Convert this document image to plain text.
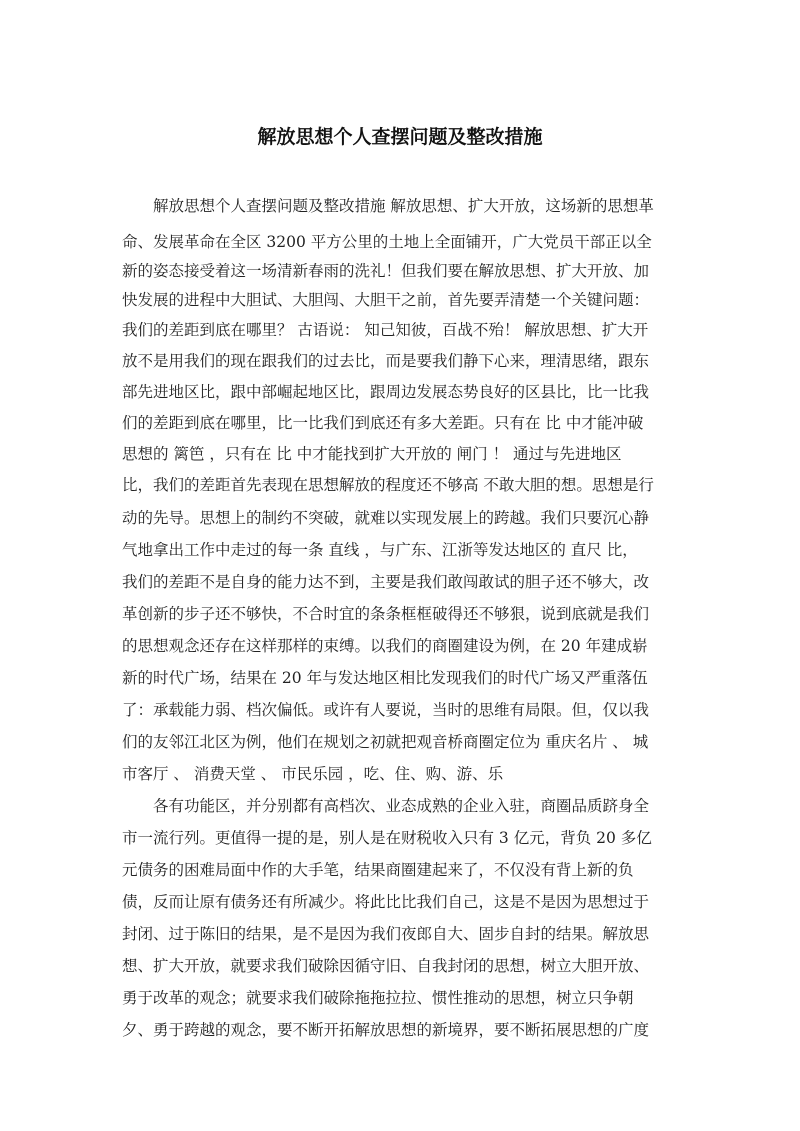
解放思想个人查摆问题及整改措施
解放思想个人查摆问题及整改措施 解放思想、扩大开放，这场新的思想革
命、发展革命在全区 3200 平方公里的土地上全面铺开，广大党员干部正以全
新的姿态接受着这一场清新春雨的洗礼！但我们要在解放思想、扩大开放、加
快发展的进程中大胆试、大胆闯、大胆干之前，首先要弄清楚一个关键问题：
我们的差距到底在哪里？ 古语说： 知己知彼，百战不殆！ 解放思想、扩大开
放不是用我们的现在跟我们的过去比，而是要我们静下心来，理清思绪，跟东
部先进地区比，跟中部崛起地区比，跟周边发展态势良好的区县比，比一比我
们的差距到底在哪里，比一比我们到底还有多大差距。只有在 比 中才能冲破
思想的 篱笆 ，只有在 比 中才能找到扩大开放的 闸门 ！ 通过与先进地区
比，我们的差距首先表现在思想解放的程度还不够高 不敢大胆的想。思想是行
动的先导。思想上的制约不突破，就难以实现发展上的跨越。我们只要沉心静
气地拿出工作中走过的每一条 直线 ，与广东、江浙等发达地区的 直尺 比，
我们的差距不是自身的能力达不到，主要是我们敢闯敢试的胆子还不够大，改
革创新的步子还不够快，不合时宜的条条框框破得还不够狠，说到底就是我们
的思想观念还存在这样那样的束缚。以我们的商圈建设为例，在 20 年建成崭
新的时代广场，结果在 20 年与发达地区相比发现我们的时代广场又严重落伍
了：承载能力弱、档次偏低。或许有人要说，当时的思维有局限。但，仅以我
们的友邻江北区为例，他们在规划之初就把观音桥商圈定位为 重庆名片 、 城
市客厅 、 消费天堂 、 市民乐园 ，吃、住、购、游、乐
各有功能区，并分别都有高档次、业态成熟的企业入驻，商圈品质跻身全
市一流行列。更值得一提的是，别人是在财税收入只有 3 亿元，背负 20 多亿
元债务的困难局面中作的大手笔，结果商圈建起来了，不仅没有背上新的负
债，反而让原有债务还有所减少。将此比比我们自己，这是不是因为思想过于
封闭、过于陈旧的结果，是不是因为我们夜郎自大、固步自封的结果。解放思
想、扩大开放，就要求我们破除因循守旧、自我封闭的思想，树立大胆开放、
勇于改革的观念；就要求我们破除拖拖拉拉、惯性推动的思想，树立只争朝
夕、勇于跨越的观念，要不断开拓解放思想的新境界，要不断拓展思想的广度
